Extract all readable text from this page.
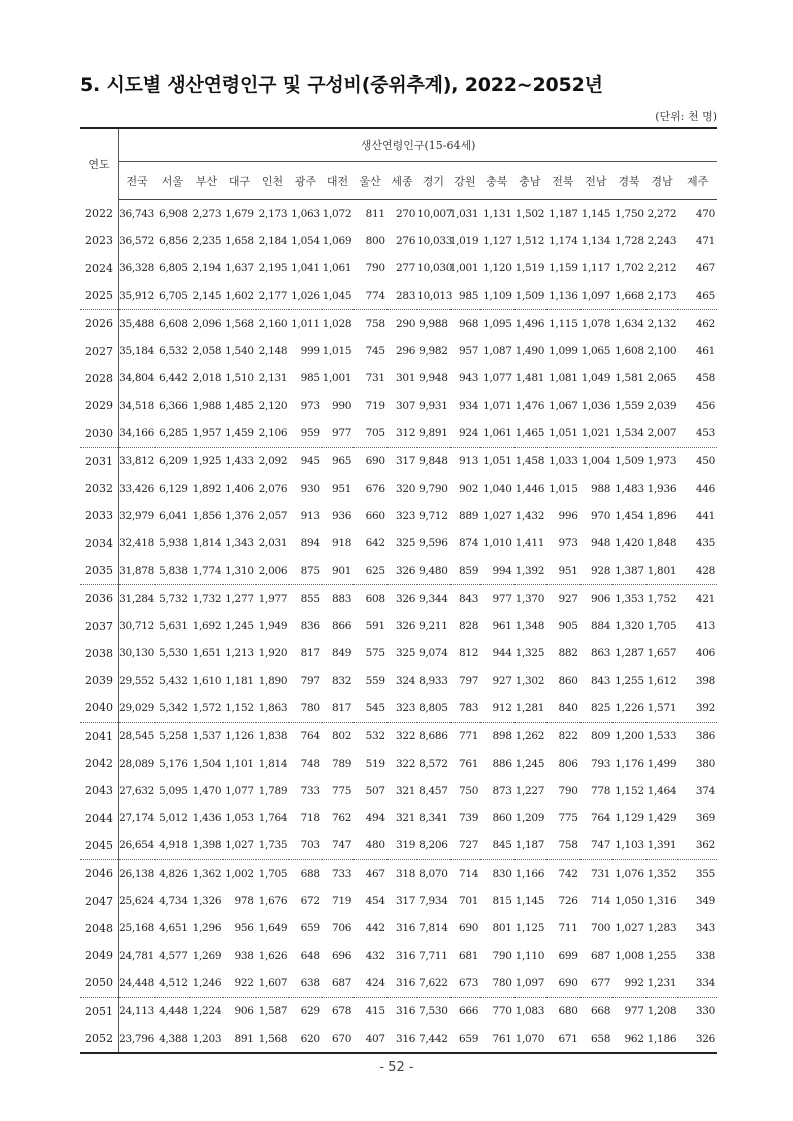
5. 시도별 생산연령인구 및 구성비(중위추계), 2022~2052년
(단위: 천 명)
연도	생산연령인구(15-64세)																	
	전국	서울	부산	대구	인천	광주	대전	울산	세종	경기	강원	충북	충남	전북	전남	경북	경남	제주
2022	36,743	6,908	2,273	1,679	2,173	1,063	1,072	811	270	10,007	1,031	1,131	1,502	1,187	1,145	1,750	2,272	470
2023	36,572	6,856	2,235	1,658	2,184	1,054	1,069	800	276	10,033	1,019	1,127	1,512	1,174	1,134	1,728	2,243	471
2024	36,328	6,805	2,194	1,637	2,195	1,041	1,061	790	277	10,030	1,001	1,120	1,519	1,159	1,117	1,702	2,212	467
2025	35,912	6,705	2,145	1,602	2,177	1,026	1,045	774	283	10,013	985	1,109	1,509	1,136	1,097	1,668	2,173	465
2026	35,488	6,608	2,096	1,568	2,160	1,011	1,028	758	290	9,988	968	1,095	1,496	1,115	1,078	1,634	2,132	462
2027	35,184	6,532	2,058	1,540	2,148	999	1,015	745	296	9,982	957	1,087	1,490	1,099	1,065	1,608	2,100	461
2028	34,804	6,442	2,018	1,510	2,131	985	1,001	731	301	9,948	943	1,077	1,481	1,081	1,049	1,581	2,065	458
2029	34,518	6,366	1,988	1,485	2,120	973	990	719	307	9,931	934	1,071	1,476	1,067	1,036	1,559	2,039	456
2030	34,166	6,285	1,957	1,459	2,106	959	977	705	312	9,891	924	1,061	1,465	1,051	1,021	1,534	2,007	453
2031	33,812	6,209	1,925	1,433	2,092	945	965	690	317	9,848	913	1,051	1,458	1,033	1,004	1,509	1,973	450
2032	33,426	6,129	1,892	1,406	2,076	930	951	676	320	9,790	902	1,040	1,446	1,015	988	1,483	1,936	446
2033	32,979	6,041	1,856	1,376	2,057	913	936	660	323	9,712	889	1,027	1,432	996	970	1,454	1,896	441
2034	32,418	5,938	1,814	1,343	2,031	894	918	642	325	9,596	874	1,010	1,411	973	948	1,420	1,848	435
2035	31,878	5,838	1,774	1,310	2,006	875	901	625	326	9,480	859	994	1,392	951	928	1,387	1,801	428
2036	31,284	5,732	1,732	1,277	1,977	855	883	608	326	9,344	843	977	1,370	927	906	1,353	1,752	421
2037	30,712	5,631	1,692	1,245	1,949	836	866	591	326	9,211	828	961	1,348	905	884	1,320	1,705	413
2038	30,130	5,530	1,651	1,213	1,920	817	849	575	325	9,074	812	944	1,325	882	863	1,287	1,657	406
2039	29,552	5,432	1,610	1,181	1,890	797	832	559	324	8,933	797	927	1,302	860	843	1,255	1,612	398
2040	29,029	5,342	1,572	1,152	1,863	780	817	545	323	8,805	783	912	1,281	840	825	1,226	1,571	392
2041	28,545	5,258	1,537	1,126	1,838	764	802	532	322	8,686	771	898	1,262	822	809	1,200	1,533	386
2042	28,089	5,176	1,504	1,101	1,814	748	789	519	322	8,572	761	886	1,245	806	793	1,176	1,499	380
2043	27,632	5,095	1,470	1,077	1,789	733	775	507	321	8,457	750	873	1,227	790	778	1,152	1,464	374
2044	27,174	5,012	1,436	1,053	1,764	718	762	494	321	8,341	739	860	1,209	775	764	1,129	1,429	369
2045	26,654	4,918	1,398	1,027	1,735	703	747	480	319	8,206	727	845	1,187	758	747	1,103	1,391	362
2046	26,138	4,826	1,362	1,002	1,705	688	733	467	318	8,070	714	830	1,166	742	731	1,076	1,352	355
2047	25,624	4,734	1,326	978	1,676	672	719	454	317	7,934	701	815	1,145	726	714	1,050	1,316	349
2048	25,168	4,651	1,296	956	1,649	659	706	442	316	7,814	690	801	1,125	711	700	1,027	1,283	343
2049	24,781	4,577	1,269	938	1,626	648	696	432	316	7,711	681	790	1,110	699	687	1,008	1,255	338
2050	24,448	4,512	1,246	922	1,607	638	687	424	316	7,622	673	780	1,097	690	677	992	1,231	334
2051	24,113	4,448	1,224	906	1,587	629	678	415	316	7,530	666	770	1,083	680	668	977	1,208	330
2052	23,796	4,388	1,203	891	1,568	620	670	407	316	7,442	659	761	1,070	671	658	962	1,186	326
- 52 -
